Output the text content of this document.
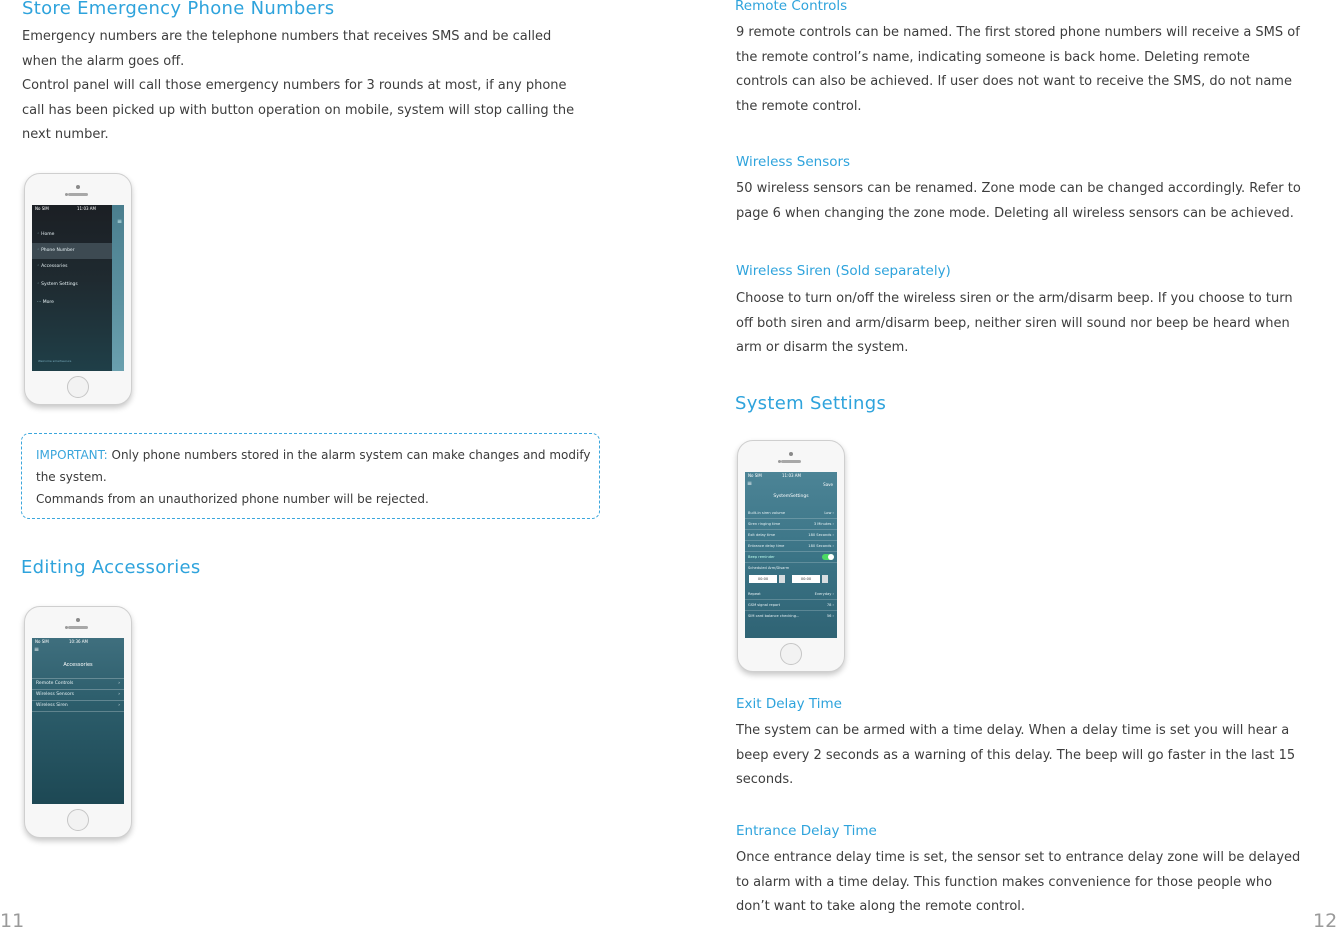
Store Emergency Phone Numbers
Emergency numbers are the telephone numbers that receives SMS and be called
when the alarm goes off.
Control panel will call those emergency numbers for 3 rounds at most, if any phone
call has been picked up with button operation on mobile, system will stop calling the
next number.
No SIM	11:03 AM
≡
◦ Home
◦ Phone Number
◦ Accessories
◦ System Settings
··· More
Welcome smartsecure
IMPORTANT: Only phone numbers stored in the alarm system can make changes and modify
the system.
Commands from an unauthorized phone number will be rejected.
Editing Accessories
No SIM	10:36 AM
≡
Accessories
Remote Controls	›
Wireless Sensors	›
Wireless Siren	›
11
Remote Controls
9 remote controls can be named. The first stored phone numbers will receive a SMS of
the remote control’s name, indicating someone is back home. Deleting remote
controls can also be achieved. If user does not want to receive the SMS, do not name
the remote control.
Wireless Sensors
50 wireless sensors can be renamed. Zone mode can be changed accordingly. Refer to
page 6 when changing the zone mode. Deleting all wireless sensors can be achieved.
Wireless Siren (Sold separately)
Choose to turn on/off the wireless siren or the arm/disarm beep. If you choose to turn
off both siren and arm/disarm beep, neither siren will sound nor beep be heard when
arm or disarm the system.
System Settings
No SIM	11:03 AM
≡	Save
SystemSettings
Built-in siren volume	Low ›
Siren ringing time	3 Minutes ›
Exit delay time	180 Seconds ›
Entrance delay time	180 Seconds ›
Beep reminder
Scheduled Arm/Disarm
00:00	00:00
Repeat	Everyday ›
GSM signal report	78 ›
SIM card balance checking...	56 ›
Exit Delay Time
The system can be armed with a time delay. When a delay time is set you will hear a
beep every 2 seconds as a warning of this delay. The beep will go faster in the last 15
seconds.
Entrance Delay Time
Once entrance delay time is set, the sensor set to entrance delay zone will be delayed
to alarm with a time delay. This function makes convenience for those people who
don’t want to take along the remote control.
12
